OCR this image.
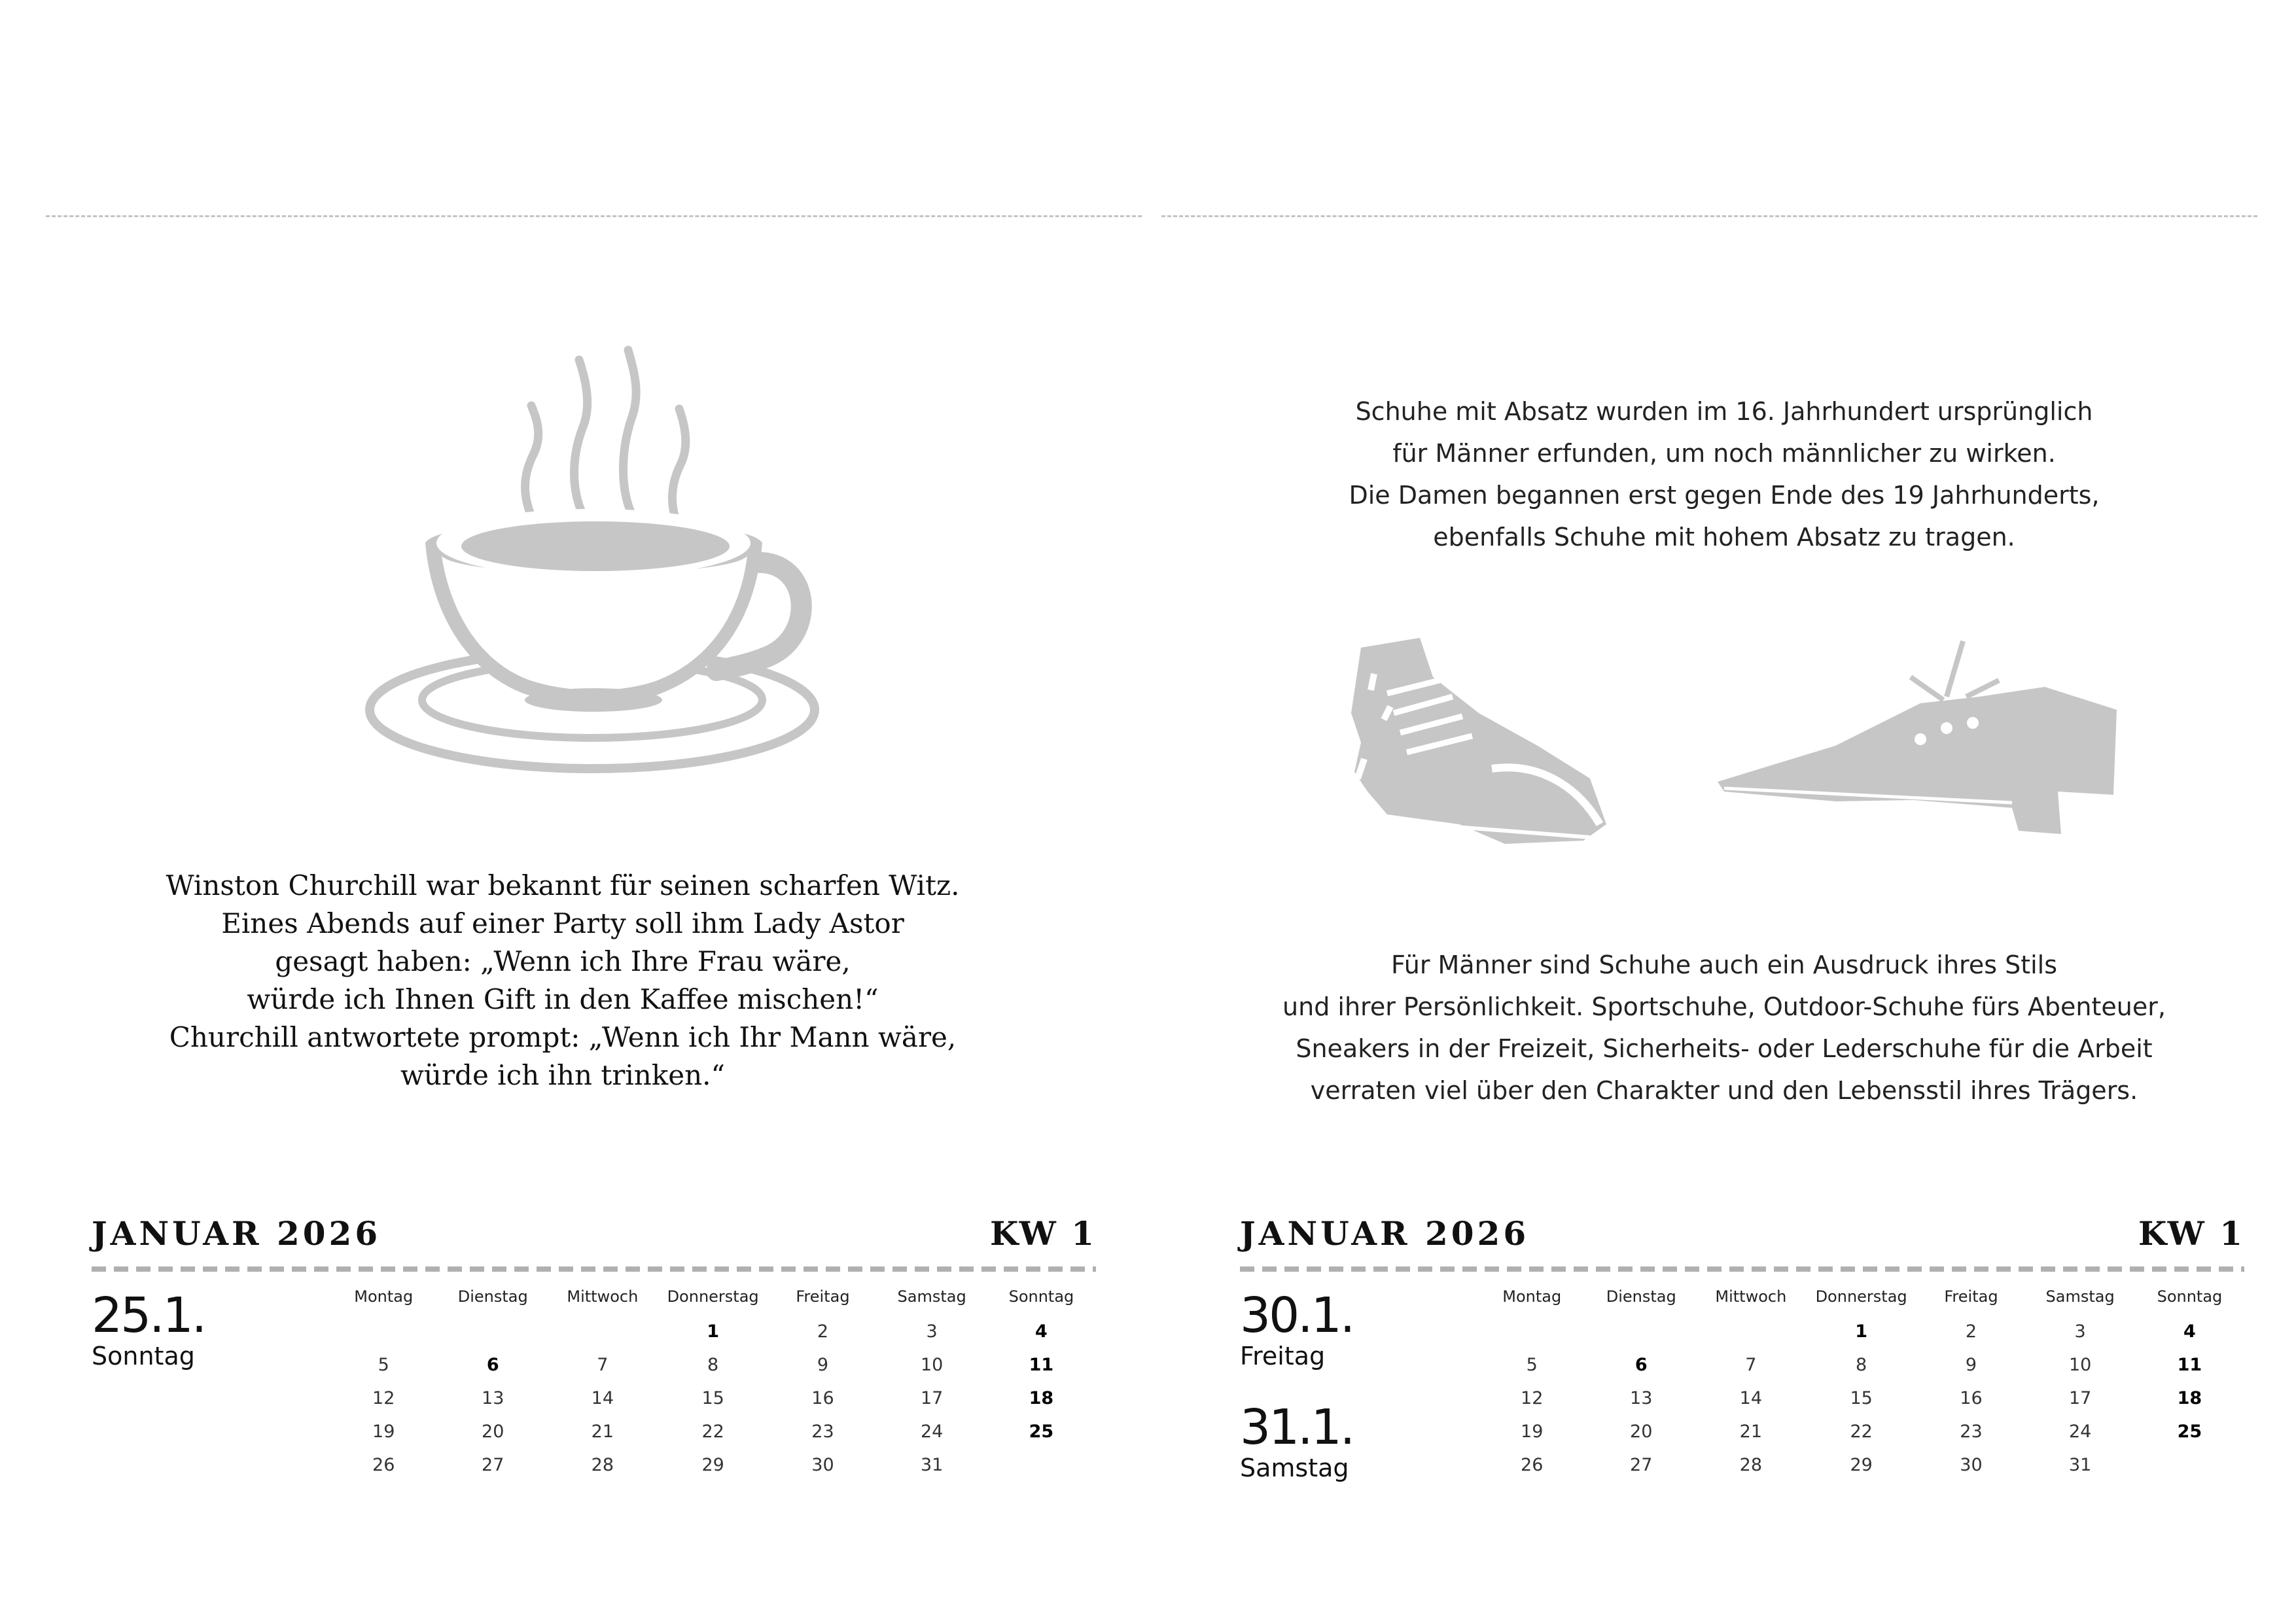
Winston Churchill war bekannt für seinen scharfen Witz.
Eines Abends auf einer Party soll ihm Lady Astor
gesagt haben: „Wenn ich Ihre Frau wäre,
würde ich Ihnen Gift in den Kaffee mischen!“
Churchill antwortete prompt: „Wenn ich Ihr Mann wäre,
würde ich ihn trinken.“
JANUAR 2026	KW 1
25.1.
Sonntag
Montag	Dienstag	Mittwoch	Donnerstag	Freitag	Samstag	Sonntag
			1	2	3	4
5	6	7	8	9	10	11
12	13	14	15	16	17	18
19	20	21	22	23	24	25
26	27	28	29	30	31	
Schuhe mit Absatz wurden im 16. Jahrhundert ursprünglich
für Männer erfunden, um noch männlicher zu wirken.
Die Damen begannen erst gegen Ende des 19 Jahrhunderts,
ebenfalls Schuhe mit hohem Absatz zu tragen.
Für Männer sind Schuhe auch ein Ausdruck ihres Stils
und ihrer Persönlichkeit. Sportschuhe, Outdoor-Schuhe fürs Abenteuer,
Sneakers in der Freizeit, Sicherheits- oder Lederschuhe für die Arbeit
verraten viel über den Charakter und den Lebensstil ihres Trägers.
JANUAR 2026	KW 1
30.1.
Freitag
31.1.
Samstag
Montag	Dienstag	Mittwoch	Donnerstag	Freitag	Samstag	Sonntag
			1	2	3	4
5	6	7	8	9	10	11
12	13	14	15	16	17	18
19	20	21	22	23	24	25
26	27	28	29	30	31	
